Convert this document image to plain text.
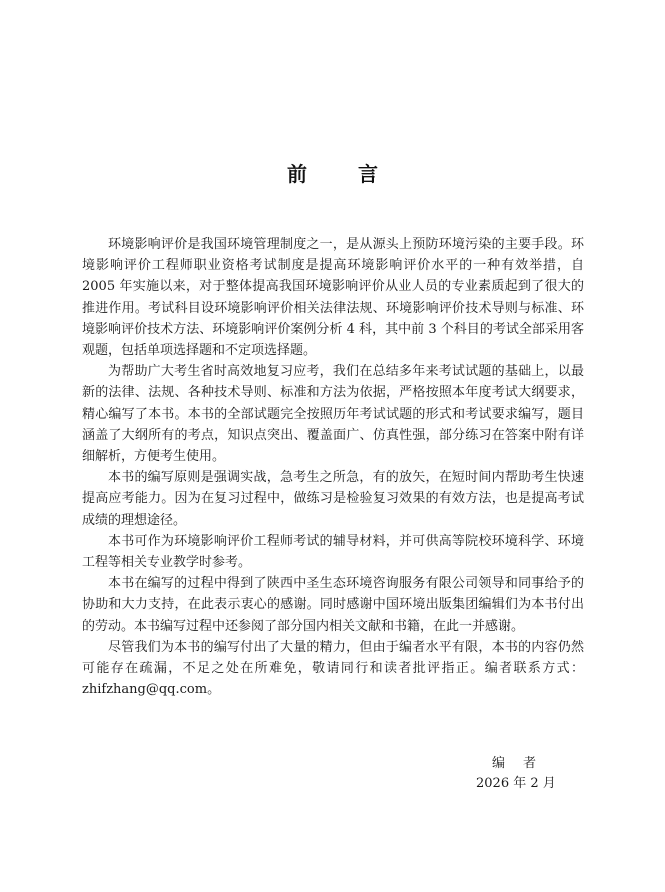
前 言

环境影响评价是我国环境管理制度之一，是从源头上预防环境污染的主要手段。环境影响评价工程师职业资格考试制度是提高环境影响评价水平的一种有效举措，自 2005 年实施以来，对于整体提高我国环境影响评价从业人员的专业素质起到了很大的推进作用。考试科目设环境影响评价相关法律法规、环境影响评价技术导则与标准、环境影响评价技术方法、环境影响评价案例分析 4 科，其中前 3 个科目的考试全部采用客观题，包括单项选择题和不定项选择题。

为帮助广大考生省时高效地复习应考，我们在总结多年来考试试题的基础上，以最新的法律、法规、各种技术导则、标准和方法为依据，严格按照本年度考试大纲要求，精心编写了本书。本书的全部试题完全按照历年考试试题的形式和考试要求编写，题目涵盖了大纲所有的考点，知识点突出、覆盖面广、仿真性强，部分练习在答案中附有详细解析，方便考生使用。

本书的编写原则是强调实战，急考生之所急，有的放矢，在短时间内帮助考生快速提高应考能力。因为在复习过程中，做练习是检验复习效果的有效方法，也是提高考试成绩的理想途径。

本书可作为环境影响评价工程师考试的辅导材料，并可供高等院校环境科学、环境工程等相关专业教学时参考。

本书在编写的过程中得到了陕西中圣生态环境咨询服务有限公司领导和同事给予的协助和大力支持，在此表示衷心的感谢。同时感谢中国环境出版集团编辑们为本书付出的劳动。本书编写过程中还参阅了部分国内相关文献和书籍，在此一并感谢。

尽管我们为本书的编写付出了大量的精力，但由于编者水平有限，本书的内容仍然可能存在疏漏，不足之处在所难免，敬请同行和读者批评指正。编者联系方式：zhifzhang@qq.com。

编者
2026 年 2 月
